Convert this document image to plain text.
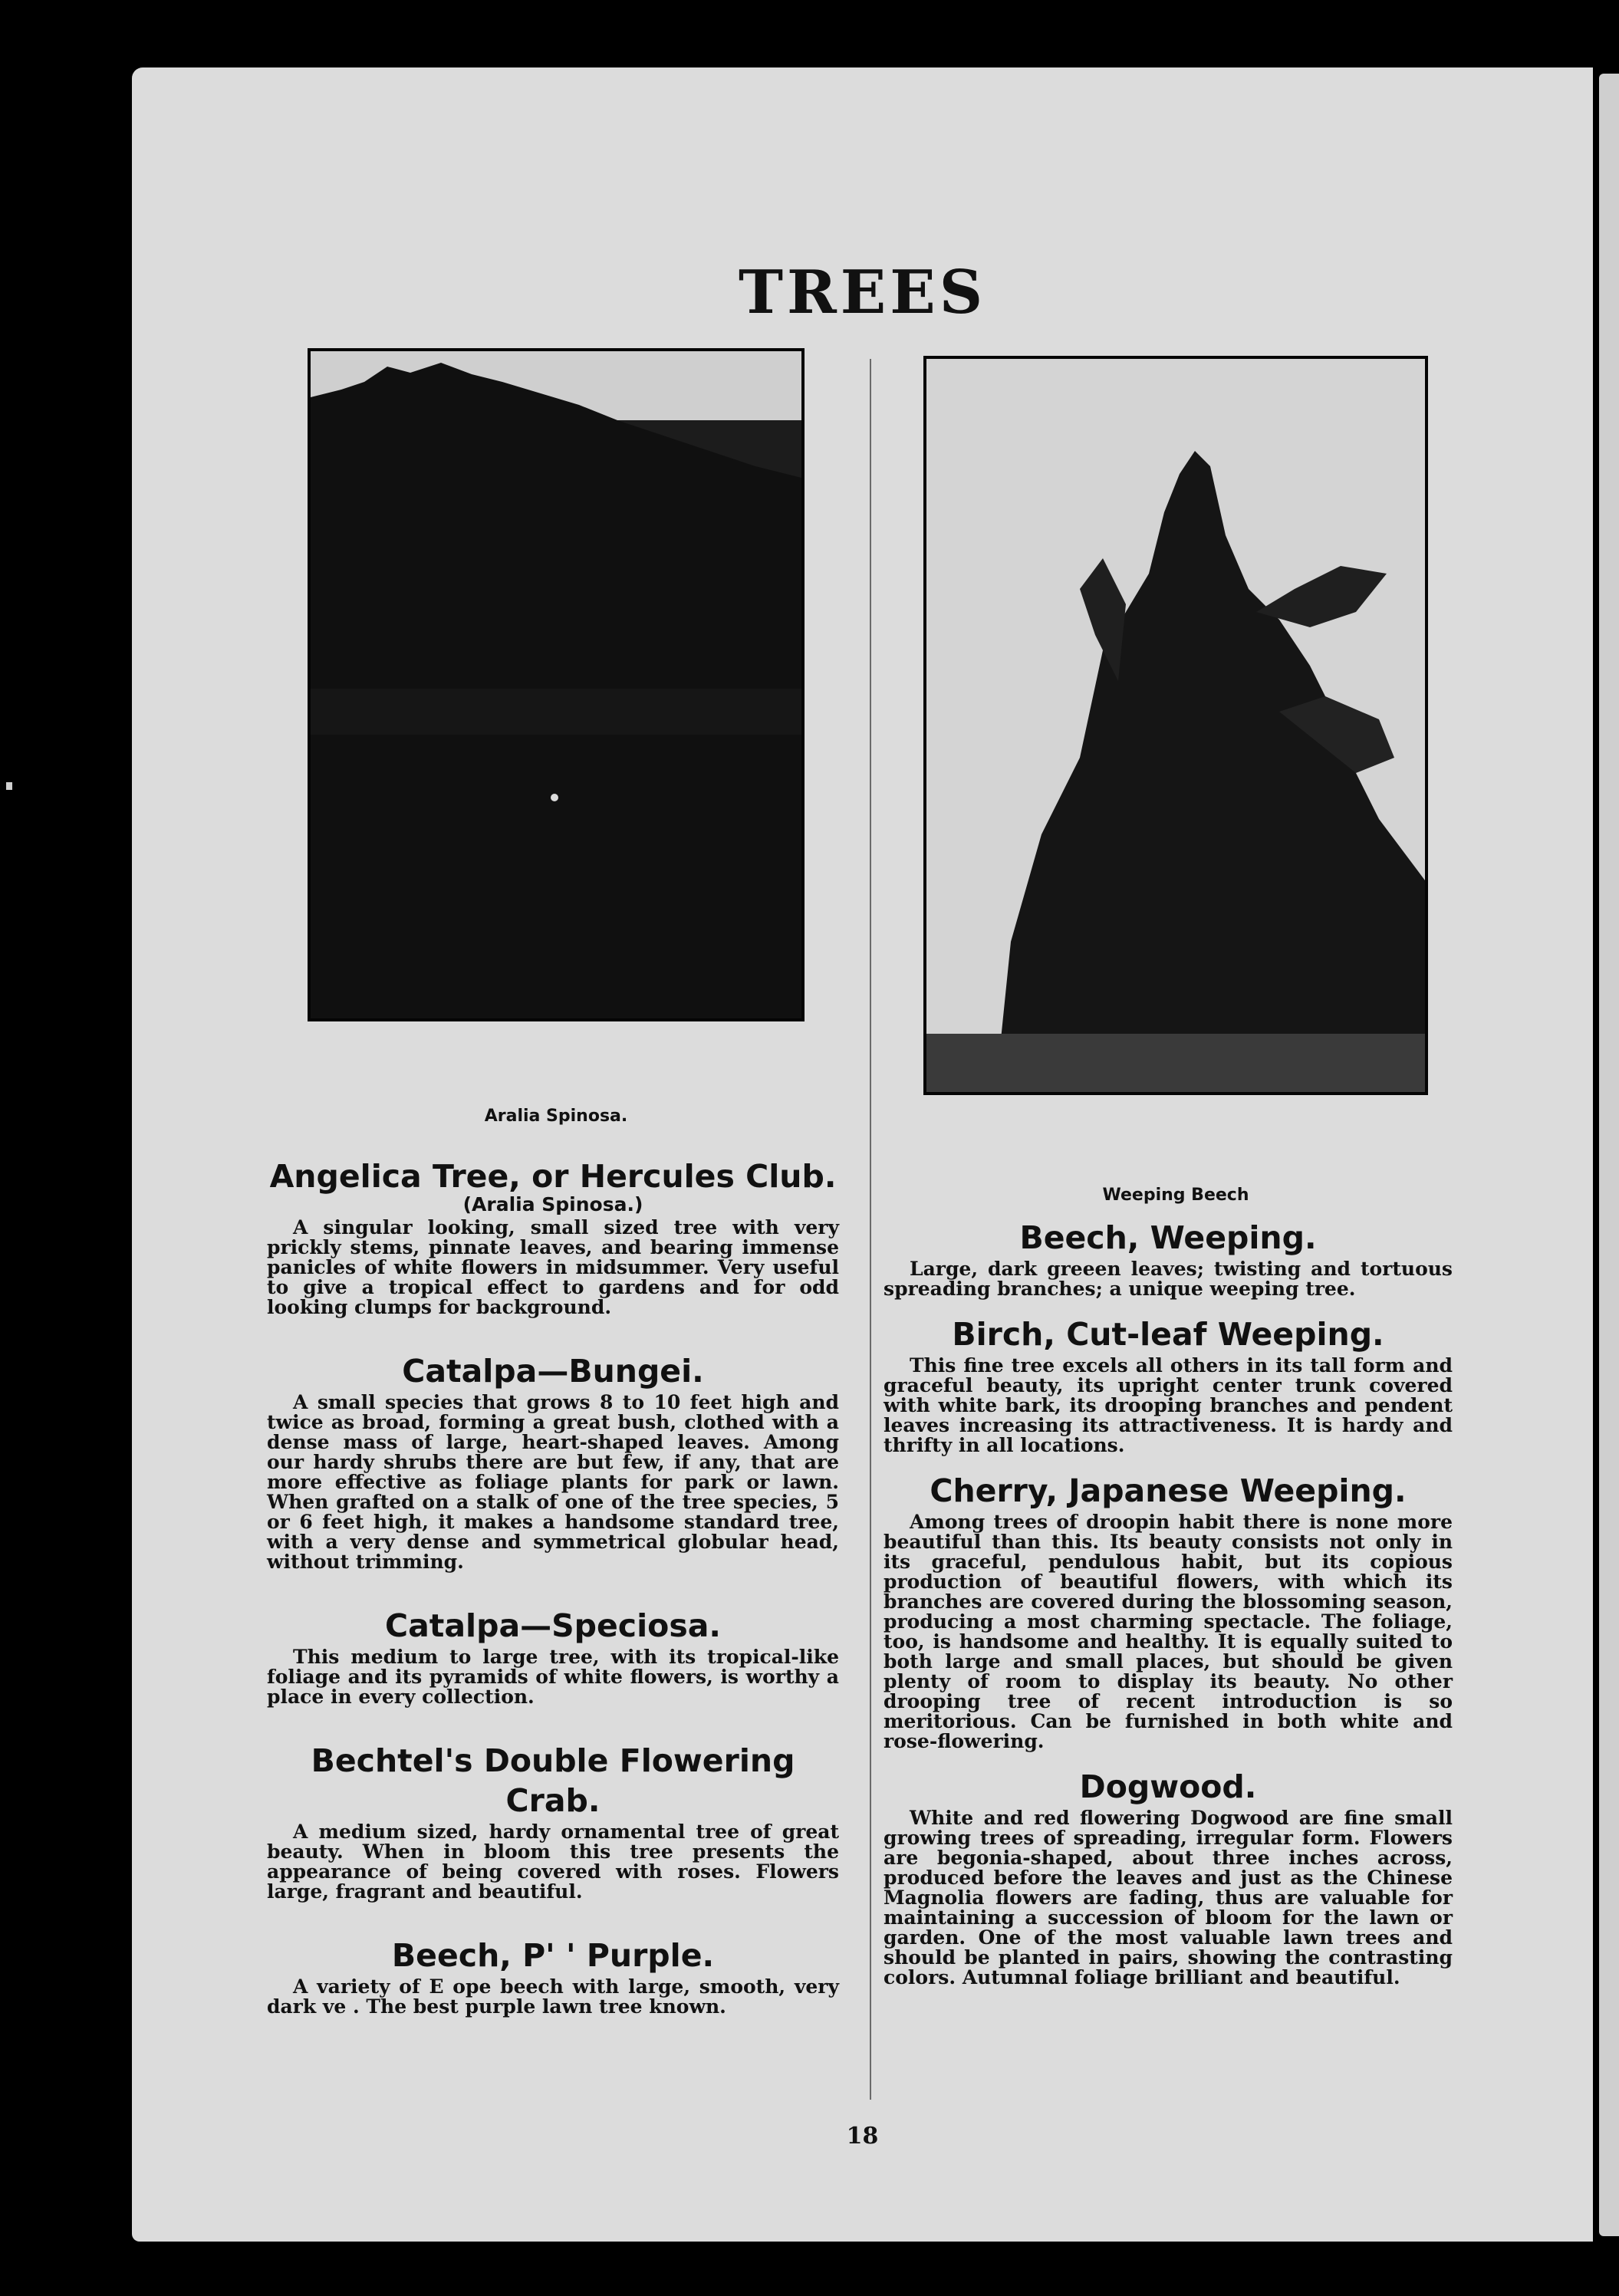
TREES
Aralia Spinosa.
Weeping Beech
Angelica Tree, or Hercules Club.
(Aralia Spinosa.)

A singular looking, small sized tree with very prickly stems, pinnate leaves, and bearing immense panicles of white flowers in midsummer. Very useful to give a tropical effect to gardens and for odd looking clumps for background.

Catalpa—Bungei.

A small species that grows 8 to 10 feet high and twice as broad, forming a great bush, clothed with a dense mass of large, heart-shaped leaves. Among our hardy shrubs there are but few, if any, that are more effective as foliage plants for park or lawn. When grafted on a stalk of one of the tree species, 5 or 6 feet high, it makes a handsome standard tree, with a very dense and symmetrical globular head, without trimming.

Catalpa—Speciosa.

This medium to large tree, with its tropical-like foliage and its pyramids of white flowers, is worthy a place in every collection.

Bechtel's Double Flowering Crab.

A medium sized, hardy ornamental tree of great beauty. When in bloom this tree presents the appearance of being covered with roses. Flowers large, fragrant and beautiful.

Beech, P' ' Purple.

A variety of E ope beech with large, smooth, very dark ve . The best purple lawn tree known.

Beech, Weeping.

Large, dark greeen leaves; twisting and tortuous spreading branches; a unique weeping tree.

Birch, Cut-leaf Weeping.

This fine tree excels all others in its tall form and graceful beauty, its upright center trunk covered with white bark, its drooping branches and pendent leaves increasing its attractiveness. It is hardy and thrifty in all locations.

Cherry, Japanese Weeping.

Among trees of droopin habit there is none more beautiful than this. Its beauty consists not only in its graceful, pendulous habit, but its copious production of beautiful flowers, with which its branches are covered during the blossoming season, producing a most charming spectacle. The foliage, too, is handsome and healthy. It is equally suited to both large and small places, but should be given plenty of room to display its beauty. No other drooping tree of recent introduction is so meritorious. Can be furnished in both white and rose-flowering.

Dogwood.

White and red flowering Dogwood are fine small growing trees of spreading, irregular form. Flowers are begonia-shaped, about three inches across, produced before the leaves and just as the Chinese Magnolia flowers are fading, thus are valuable for maintaining a succession of bloom for the lawn or garden. One of the most valuable lawn trees and should be planted in pairs, showing the contrasting colors. Autumnal foliage brilliant and beautiful.

18
